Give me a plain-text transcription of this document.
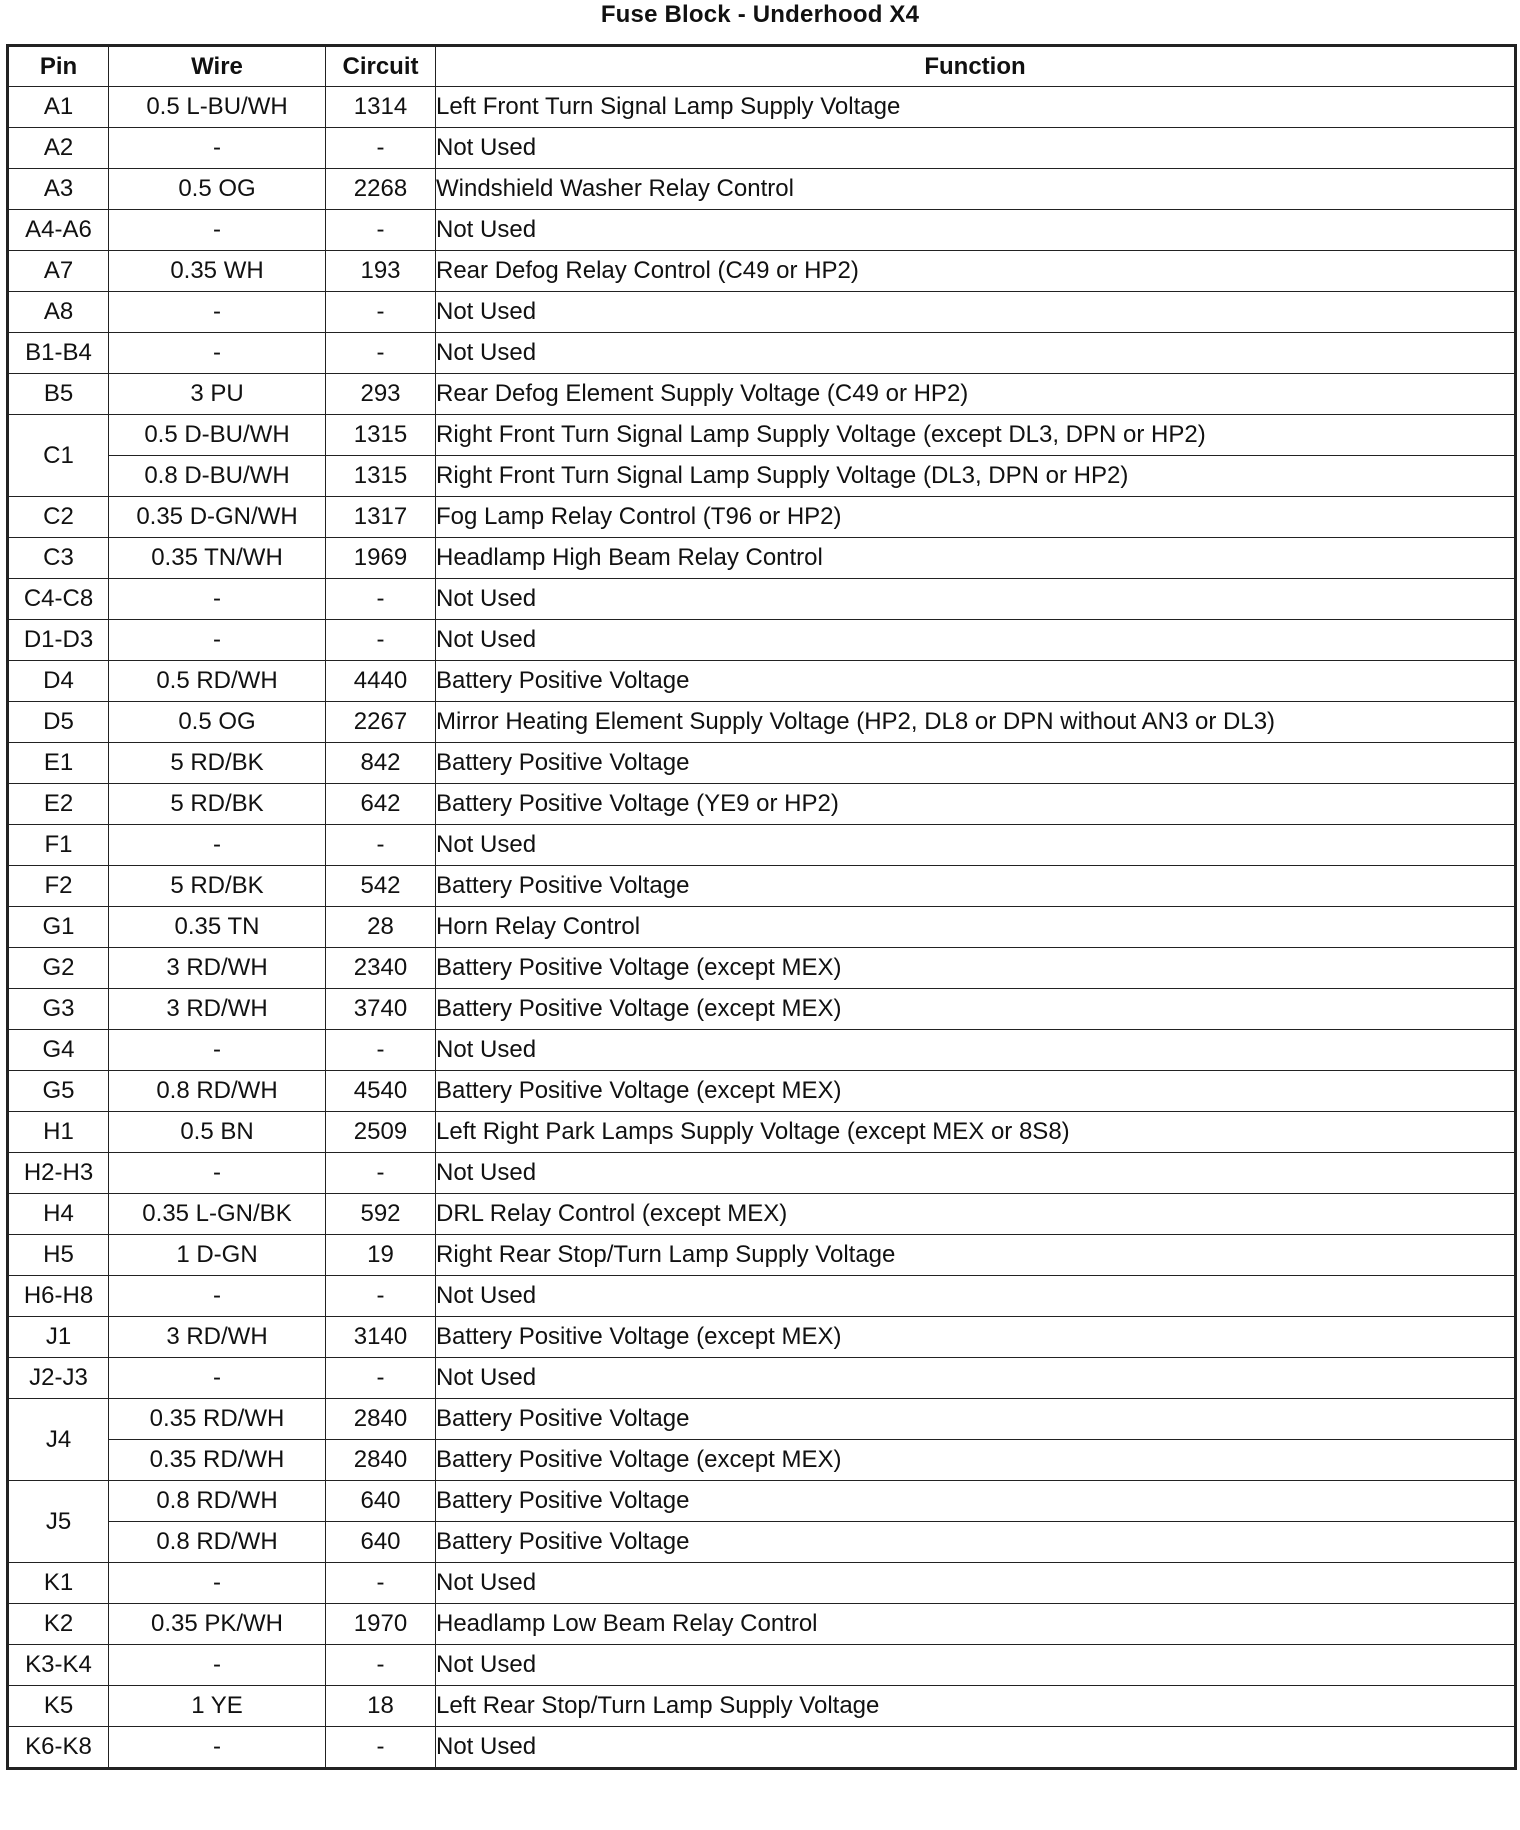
Fuse Block - Underhood X4
Pin	Wire	Circuit	Function
A1	0.5 L-BU/WH	1314	Left Front Turn Signal Lamp Supply Voltage
A2	-	-	Not Used
A3	0.5 OG	2268	Windshield Washer Relay Control
A4-A6	-	-	Not Used
A7	0.35 WH	193	Rear Defog Relay Control (C49 or HP2)
A8	-	-	Not Used
B1-B4	-	-	Not Used
B5	3 PU	293	Rear Defog Element Supply Voltage (C49 or HP2)
C1	0.5 D-BU/WH	1315	Right Front Turn Signal Lamp Supply Voltage (except DL3, DPN or HP2)
	0.8 D-BU/WH	1315	Right Front Turn Signal Lamp Supply Voltage (DL3, DPN or HP2)
C2	0.35 D-GN/WH	1317	Fog Lamp Relay Control (T96 or HP2)
C3	0.35 TN/WH	1969	Headlamp High Beam Relay Control
C4-C8	-	-	Not Used
D1-D3	-	-	Not Used
D4	0.5 RD/WH	4440	Battery Positive Voltage
D5	0.5 OG	2267	Mirror Heating Element Supply Voltage (HP2, DL8 or DPN without AN3 or DL3)
E1	5 RD/BK	842	Battery Positive Voltage
E2	5 RD/BK	642	Battery Positive Voltage (YE9 or HP2)
F1	-	-	Not Used
F2	5 RD/BK	542	Battery Positive Voltage
G1	0.35 TN	28	Horn Relay Control
G2	3 RD/WH	2340	Battery Positive Voltage (except MEX)
G3	3 RD/WH	3740	Battery Positive Voltage (except MEX)
G4	-	-	Not Used
G5	0.8 RD/WH	4540	Battery Positive Voltage (except MEX)
H1	0.5 BN	2509	Left Right Park Lamps Supply Voltage (except MEX or 8S8)
H2-H3	-	-	Not Used
H4	0.35 L-GN/BK	592	DRL Relay Control (except MEX)
H5	1 D-GN	19	Right Rear Stop/Turn Lamp Supply Voltage
H6-H8	-	-	Not Used
J1	3 RD/WH	3140	Battery Positive Voltage (except MEX)
J2-J3	-	-	Not Used
J4	0.35 RD/WH	2840	Battery Positive Voltage
	0.35 RD/WH	2840	Battery Positive Voltage (except MEX)
J5	0.8 RD/WH	640	Battery Positive Voltage
	0.8 RD/WH	640	Battery Positive Voltage
K1	-	-	Not Used
K2	0.35 PK/WH	1970	Headlamp Low Beam Relay Control
K3-K4	-	-	Not Used
K5	1 YE	18	Left Rear Stop/Turn Lamp Supply Voltage
K6-K8	-	-	Not Used
